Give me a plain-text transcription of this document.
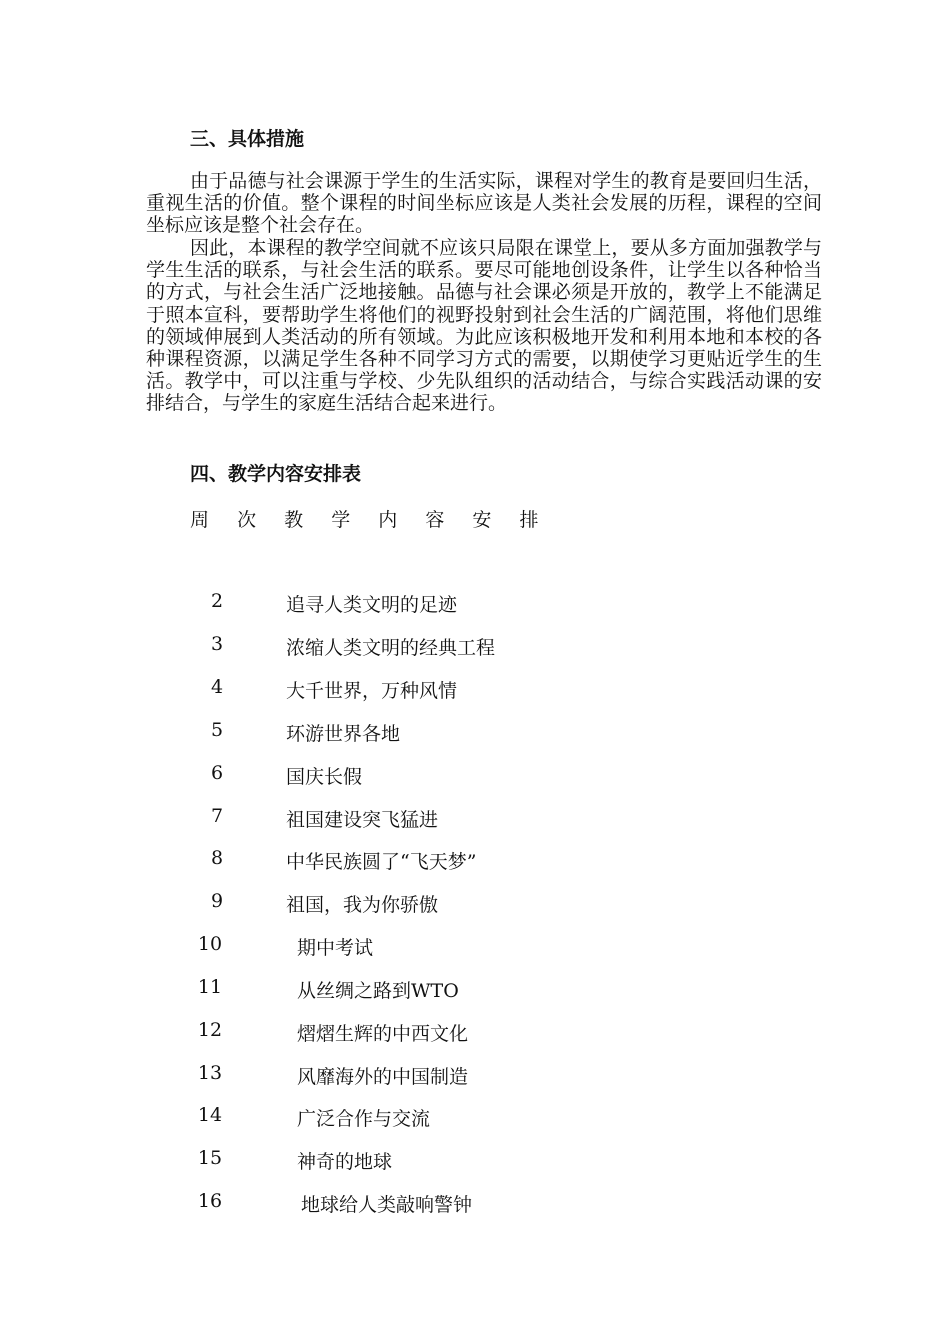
三、具体措施

由于品德与社会课源于学生的生活实际，课程对学生的教育是要回归生活，重视生活的价值。整个课程的时间坐标应该是人类社会发展的历程，课程的空间坐标应该是整个社会存在。

因此，本课程的教学空间就不应该只局限在课堂上，要从多方面加强教学与学生生活的联系，与社会生活的联系。要尽可能地创设条件，让学生以各种恰当的方式，与社会生活广泛地接触。品德与社会课必须是开放的，教学上不能满足于照本宣科，要帮助学生将他们的视野投射到社会生活的广阔范围，将他们思维的领域伸展到人类活动的所有领域。为此应该积极地开发和利用本地和本校的各种课程资源，以满足学生各种不同学习方式的需要，以期使学习更贴近学生的生活。教学中，可以注重与学校、少先队组织的活动结合，与综合实践活动课的安排结合，与学生的家庭生活结合起来进行。

四、教学内容安排表
周 次 教 学 内 容 安 排
2	追寻人类文明的足迹
3	浓缩人类文明的经典工程
4	大千世界，万种风情
5	环游世界各地
6	国庆长假
7	祖国建设突飞猛进
8	中华民族圆了“飞天梦”
9	祖国，我为你骄傲
10	期中考试
11	从丝绸之路到WTO
12	熠熠生辉的中西文化
13	风靡海外的中国制造
14	广泛合作与交流
15	神奇的地球
16	地球给人类敲响警钟
